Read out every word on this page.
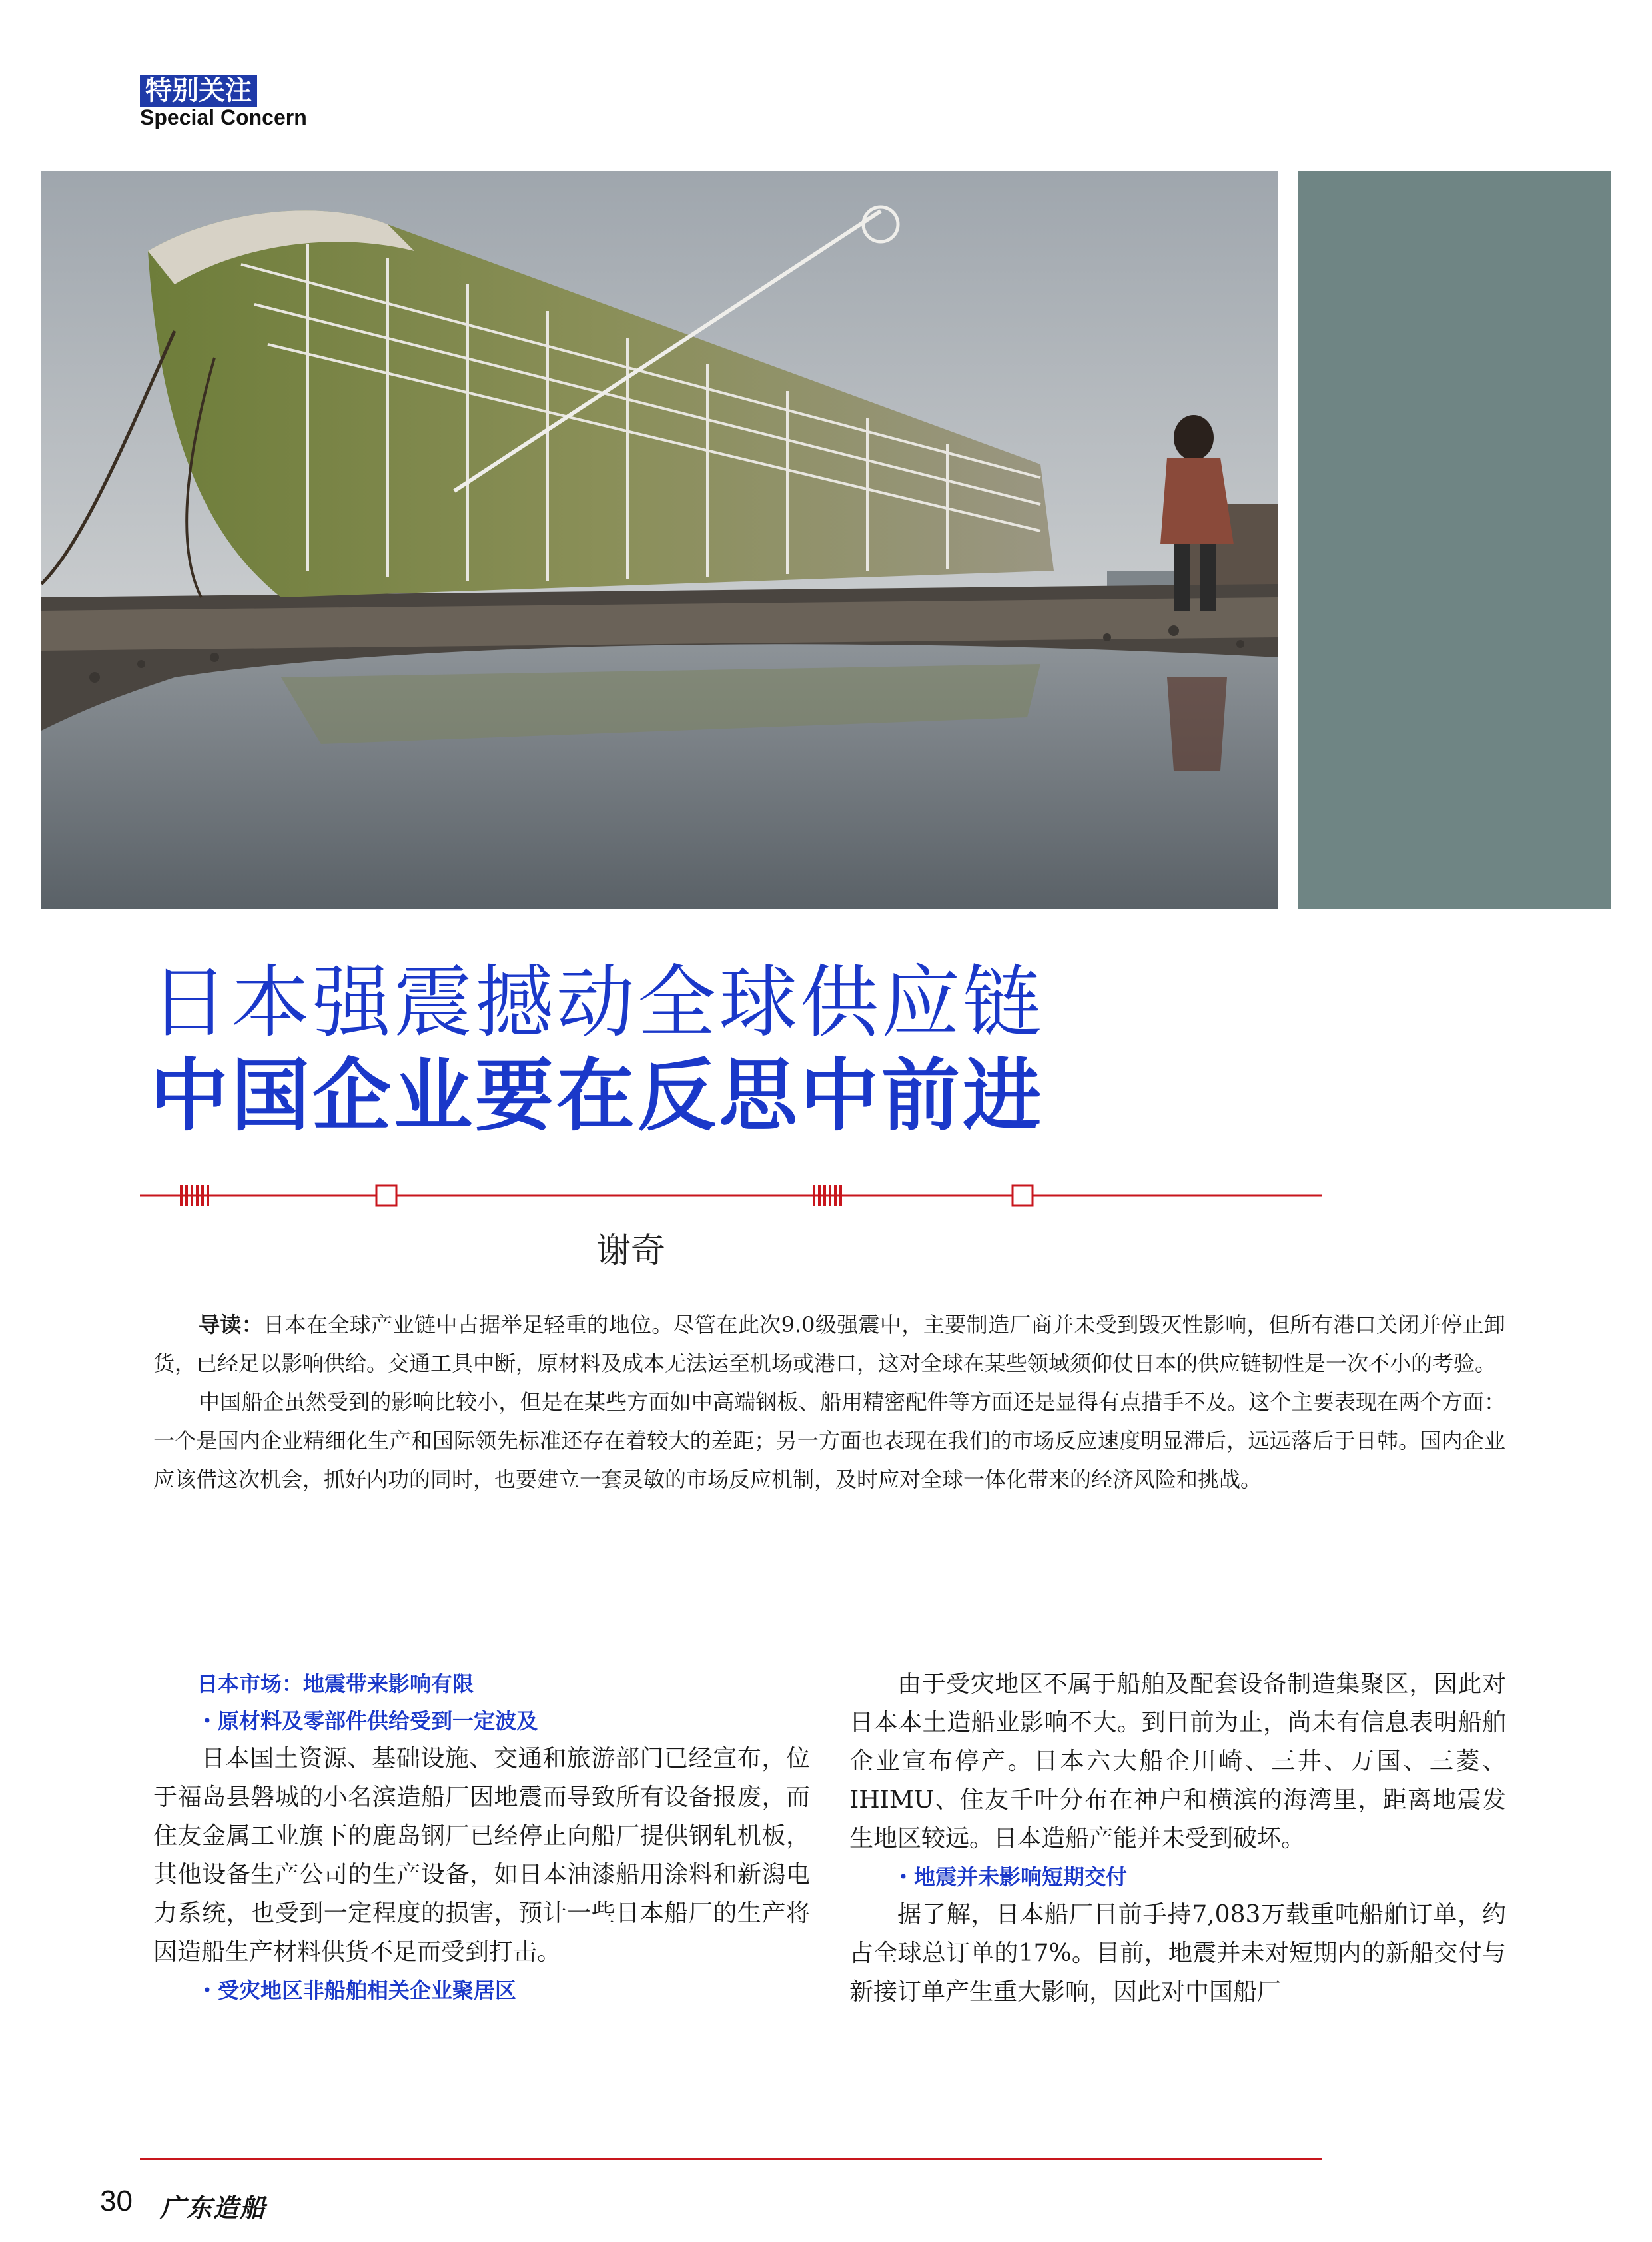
特别关注
Special Concern
日本强震撼动全球供应链
中国企业要在反思中前进
谢奇

导读：日本在全球产业链中占据举足轻重的地位。尽管在此次9.0级强震中，主要制造厂商并未受到毁灭性影响，但所有港口关闭并停止卸货，已经足以影响供给。交通工具中断，原材料及成本无法运至机场或港口，这对全球在某些领域须仰仗日本的供应链韧性是一次不小的考验。

中国船企虽然受到的影响比较小，但是在某些方面如中高端钢板、船用精密配件等方面还是显得有点措手不及。这个主要表现在两个方面：一个是国内企业精细化生产和国际领先标准还存在着较大的差距；另一方面也表现在我们的市场反应速度明显滞后，远远落后于日韩。国内企业应该借这次机会，抓好内功的同时，也要建立一套灵敏的市场反应机制，及时应对全球一体化带来的经济风险和挑战。

日本市场：地震带来影响有限

・原材料及零部件供给受到一定波及

日本国土资源、基础设施、交通和旅游部门已经宣布，位于福岛县磐城的小名滨造船厂因地震而导致所有设备报废，而住友金属工业旗下的鹿岛钢厂已经停止向船厂提供钢轧机板，其他设备生产公司的生产设备，如日本油漆船用涂料和新潟电力系统，也受到一定程度的损害，预计一些日本船厂的生产将因造船生产材料供货不足而受到打击。

・受灾地区非船舶相关企业聚居区

由于受灾地区不属于船舶及配套设备制造集聚区，因此对日本本土造船业影响不大。到目前为止，尚未有信息表明船舶企业宣布停产。日本六大船企川崎、三井、万国、三菱、IHIMU、住友千叶分布在神户和横滨的海湾里，距离地震发生地区较远。日本造船产能并未受到破坏。

・地震并未影响短期交付

据了解，日本船厂目前手持7,083万载重吨船舶订单，约占全球总订单的17%。目前，地震并未对短期内的新船交付与新接订单产生重大影响，因此对中国船厂

30 广东造船
